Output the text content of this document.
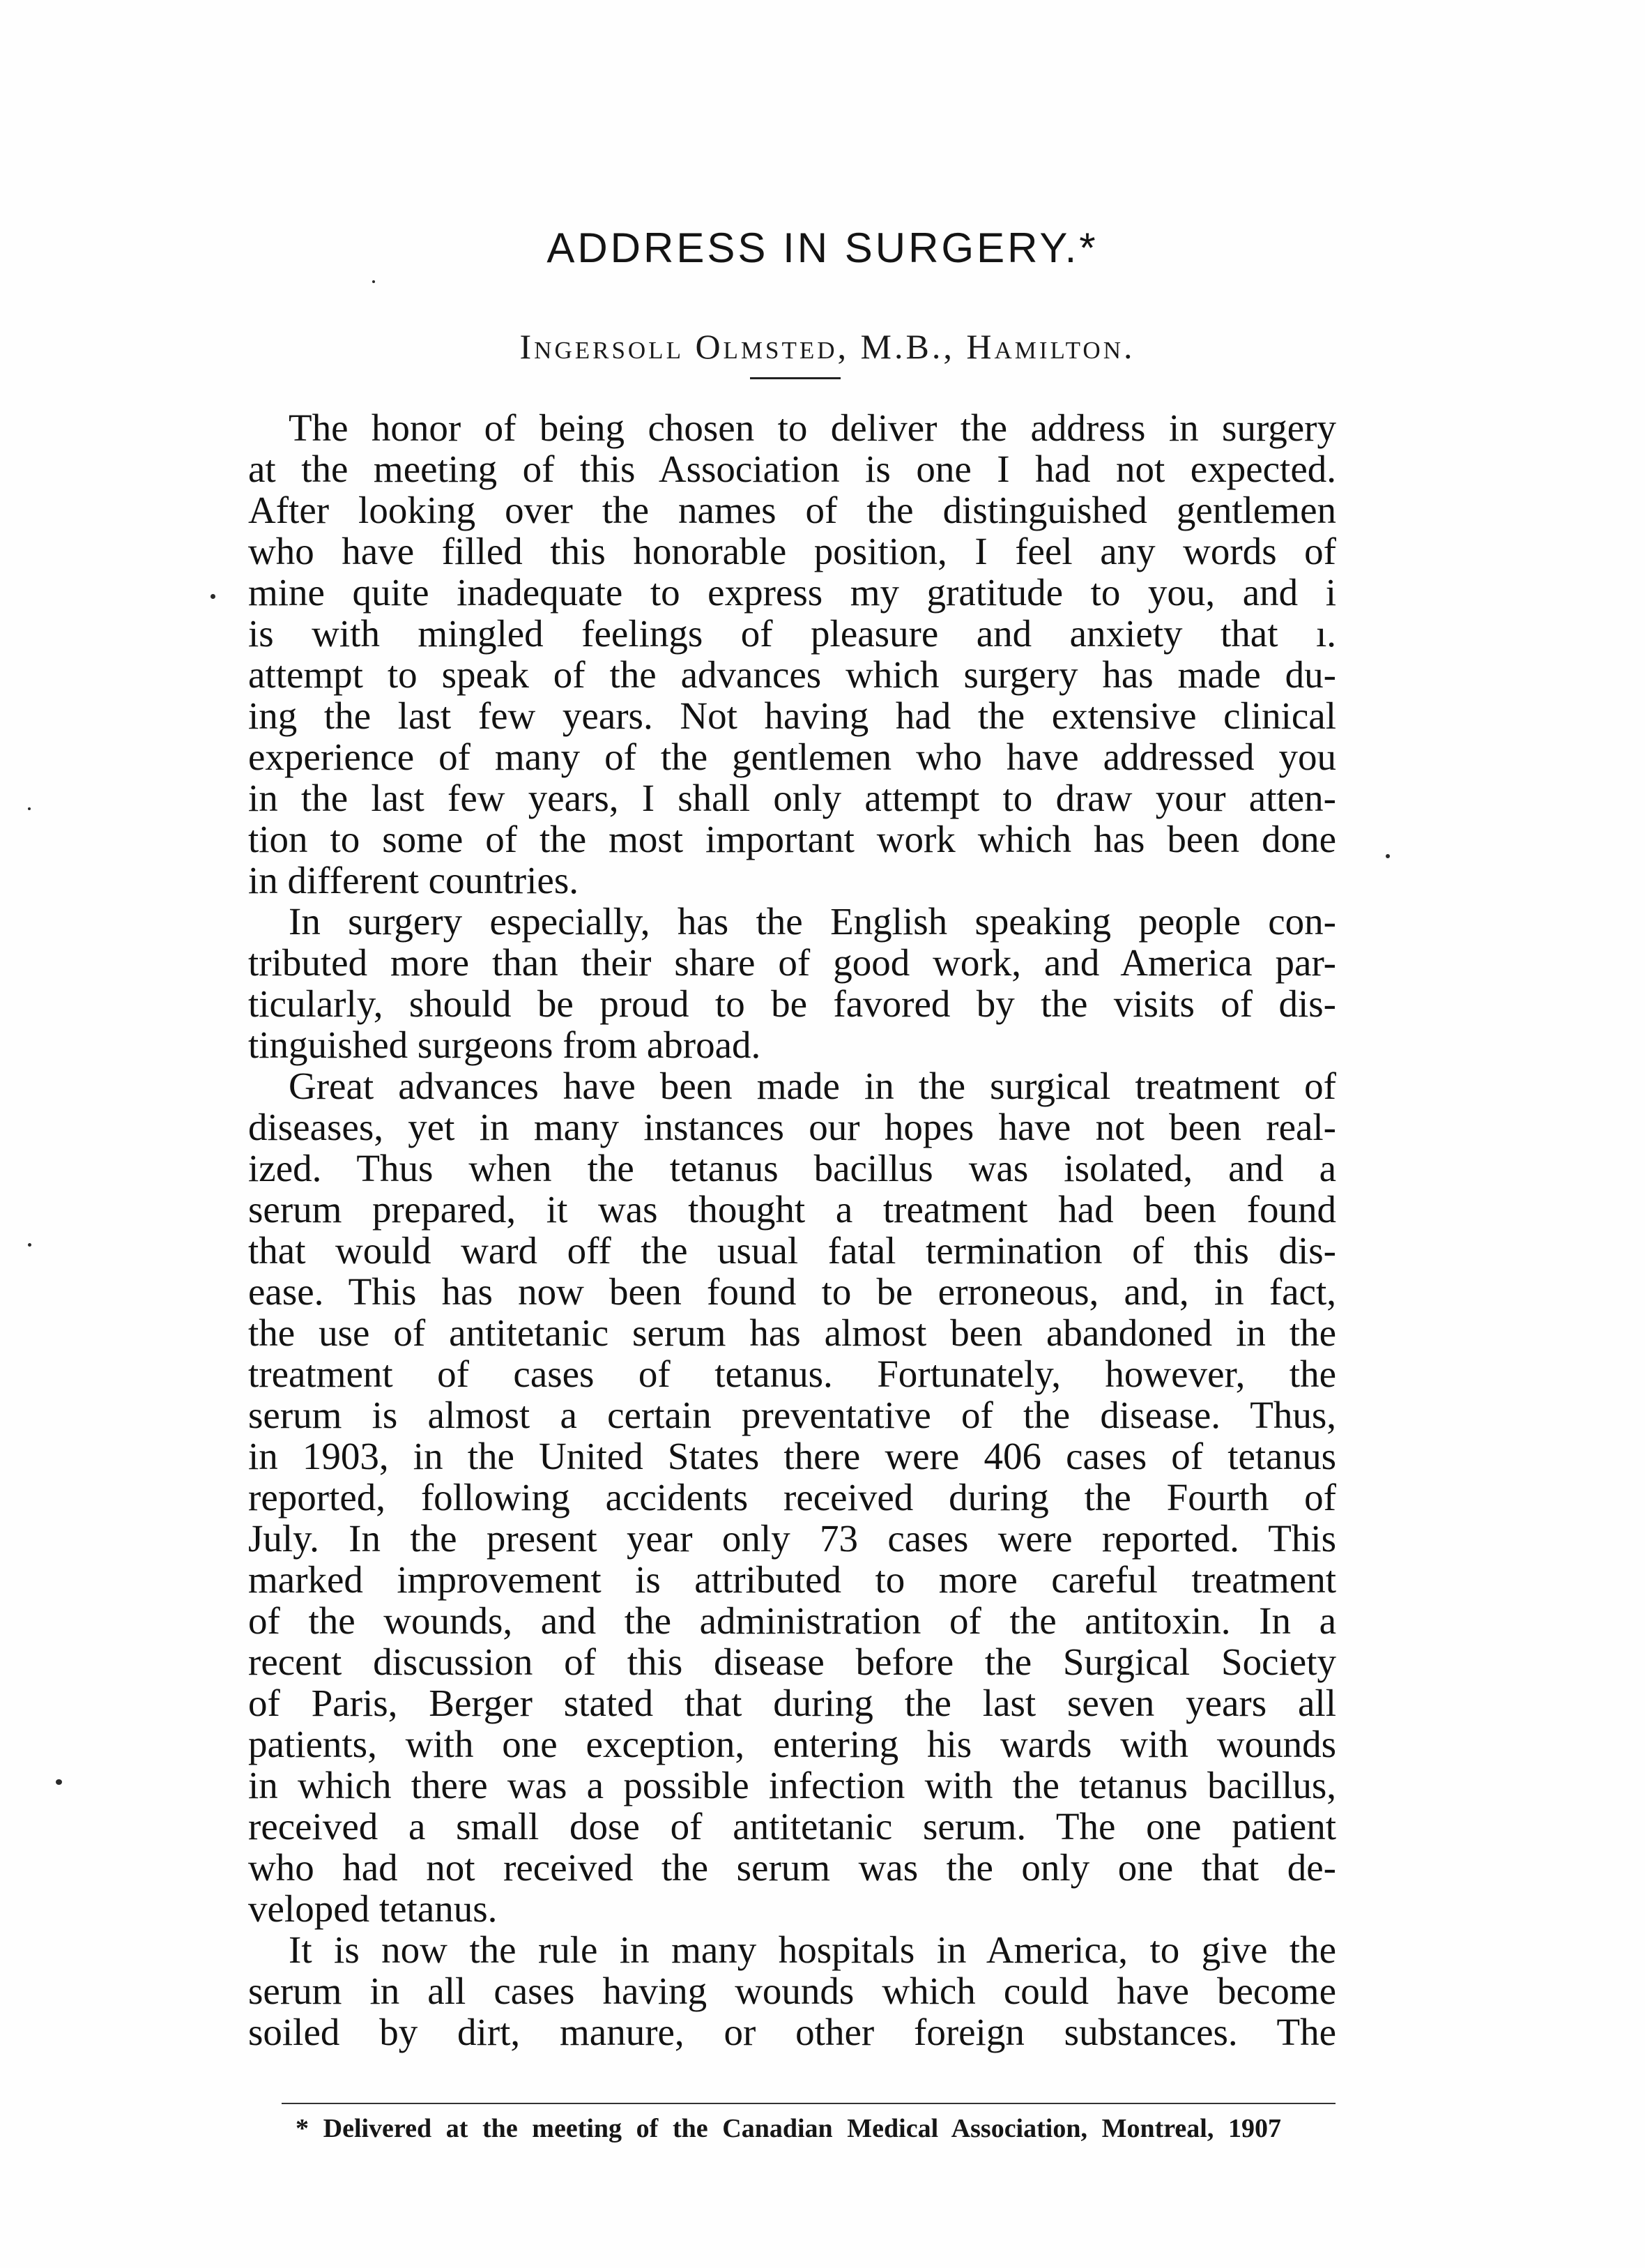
ADDRESS IN SURGERY.*
Ingersoll Olmsted, M.B., Hamilton.
The honor of being chosen to deliver the address in surgery
at the meeting of this Association is one I had not expected.
After looking over the names of the distinguished gentlemen
who have filled this honorable position, I feel any words of
mine quite inadequate to express my gratitude to you, and i
is with mingled feelings of pleasure and anxiety that ı.
attempt to speak of the advances which surgery has made du-
ing the last few years. Not having had the extensive clinical
experience of many of the gentlemen who have addressed you
in the last few years, I shall only attempt to draw your atten-
tion to some of the most important work which has been done
in different countries.
In surgery especially, has the English speaking people con-
tributed more than their share of good work, and America par-
ticularly, should be proud to be favored by the visits of dis-
tinguished surgeons from abroad.
Great advances have been made in the surgical treatment of
diseases, yet in many instances our hopes have not been real-
ized. Thus when the tetanus bacillus was isolated, and a
serum prepared, it was thought a treatment had been found
that would ward off the usual fatal termination of this dis-
ease. This has now been found to be erroneous, and, in fact,
the use of antitetanic serum has almost been abandoned in the
treatment of cases of tetanus. Fortunately, however, the
serum is almost a certain preventative of the disease. Thus,
in 1903, in the United States there were 406 cases of tetanus
reported, following accidents received during the Fourth of
July. In the present year only 73 cases were reported. This
marked improvement is attributed to more careful treatment
of the wounds, and the administration of the antitoxin. In a
recent discussion of this disease before the Surgical Society
of Paris, Berger stated that during the last seven years all
patients, with one exception, entering his wards with wounds
in which there was a possible infection with the tetanus bacillus,
received a small dose of antitetanic serum. The one patient
who had not received the serum was the only one that de-
veloped tetanus.
It is now the rule in many hospitals in America, to give the
serum in all cases having wounds which could have become
soiled by dirt, manure, or other foreign substances. The
* Delivered at the meeting of the Canadian Medical Association, Montreal, 1907
